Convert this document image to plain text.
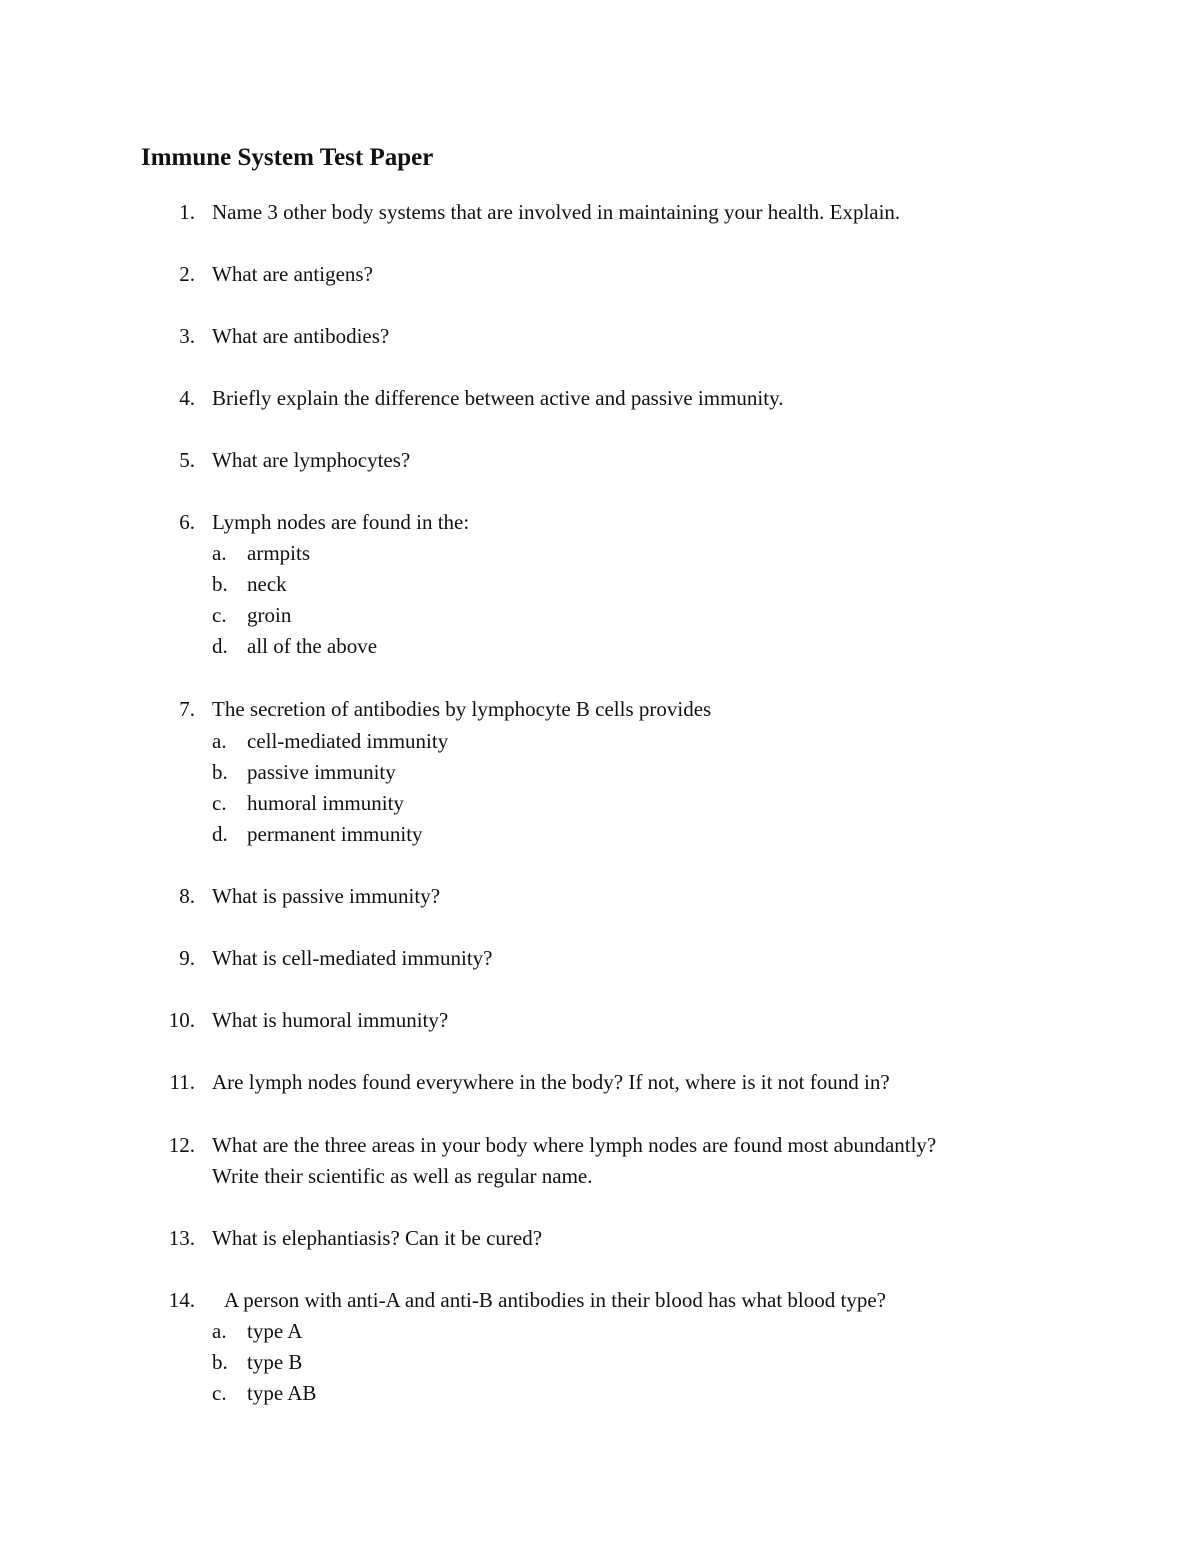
Immune System Test Paper
1. Name 3 other body systems that are involved in maintaining your health. Explain.
2. What are antigens?
3. What are antibodies?
4. Briefly explain the difference between active and passive immunity.
5. What are lymphocytes?
6. Lymph nodes are found in the:
a. armpits
b. neck
c. groin
d. all of the above
7. The secretion of antibodies by lymphocyte B cells provides
a. cell-mediated immunity
b. passive immunity
c. humoral immunity
d. permanent immunity
8. What is passive immunity?
9. What is cell-mediated immunity?
10. What is humoral immunity?
11. Are lymph nodes found everywhere in the body? If not, where is it not found in?
12. What are the three areas in your body where lymph nodes are found most abundantly?
Write their scientific as well as regular name.
13. What is elephantiasis? Can it be cured?
14. A person with anti-A and anti-B antibodies in their blood has what blood type?
a. type A
b. type B
c. type AB
